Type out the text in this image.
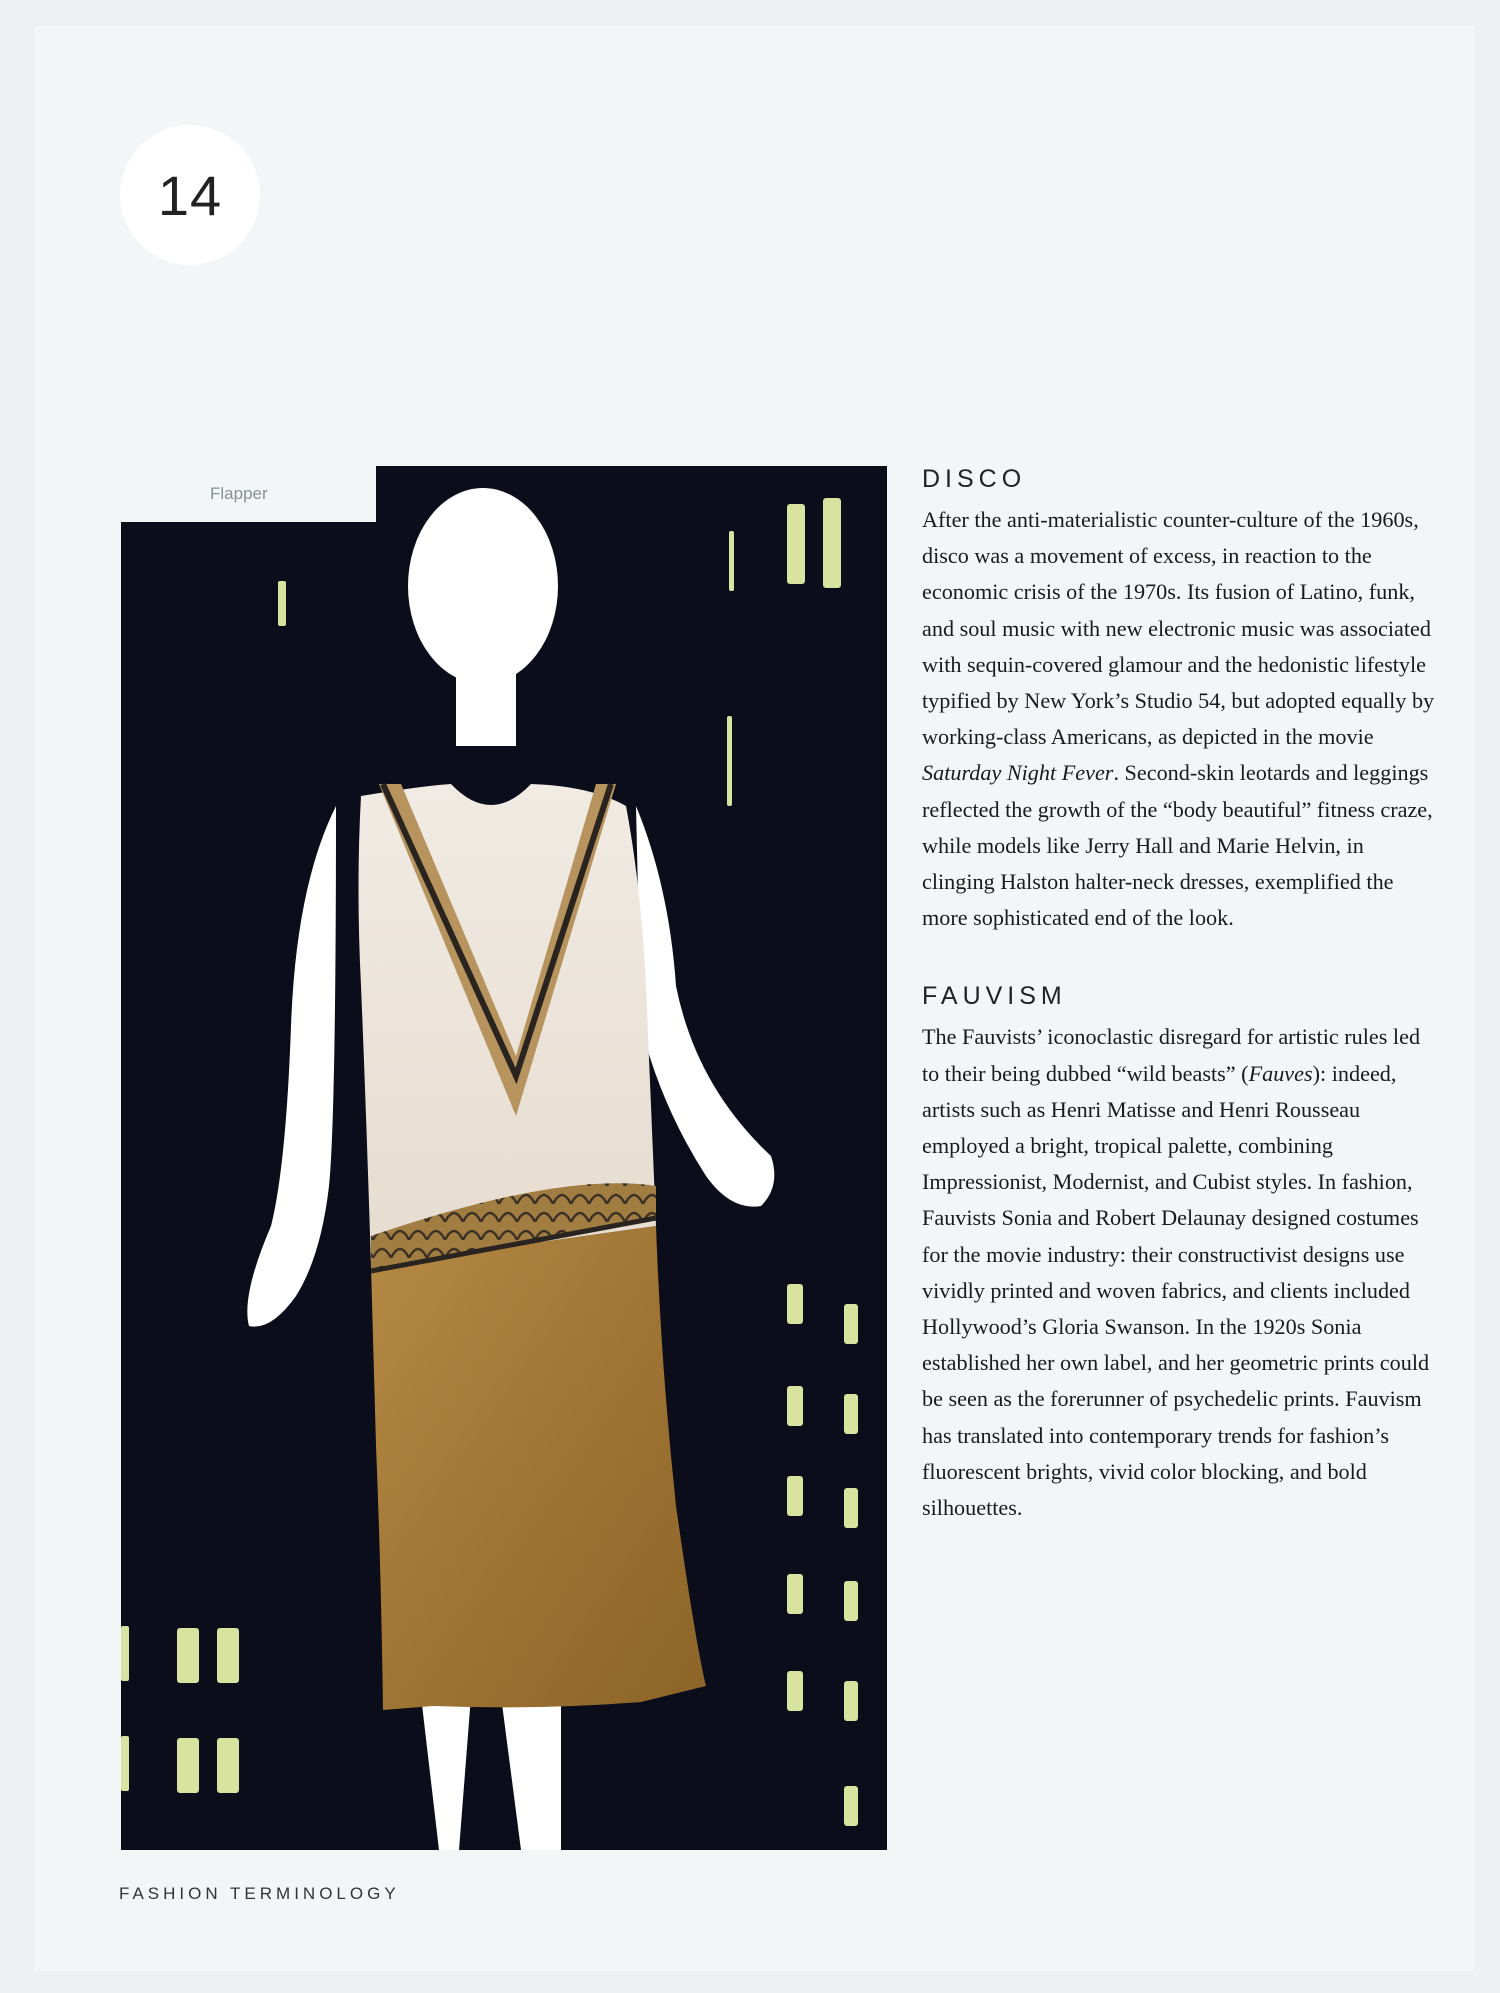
14
Flapper
DISCO

After the anti-materialistic counter-culture of the 1960s, disco was a movement of excess, in reaction to the economic crisis of the 1970s. Its fusion of Latino, funk, and soul music with new electronic music was associated with sequin-covered glamour and the hedonistic lifestyle typified by New York’s Studio 54, but adopted equally by working-class Americans, as depicted in the movie Saturday Night Fever. Second-skin leotards and leggings reflected the growth of the “body beautiful” fitness craze, while models like Jerry Hall and Marie Helvin, in clinging Halston halter-neck dresses, exemplified the more sophisticated end of the look.

FAUVISM

The Fauvists’ iconoclastic disregard for artistic rules led to their being dubbed “wild beasts” (Fauves): indeed, artists such as Henri Matisse and Henri Rousseau employed a bright, tropical palette, combining Impressionist, Modernist, and Cubist styles. In fashion, Fauvists Sonia and Robert Delaunay designed costumes for the movie industry: their constructivist designs use vividly printed and woven fabrics, and clients included Hollywood’s Gloria Swanson. In the 1920s Sonia established her own label, and her geometric prints could be seen as the forerunner of psychedelic prints. Fauvism has translated into contemporary trends for fashion’s fluorescent brights, vivid color blocking, and bold silhouettes.

FASHION TERMINOLOGY
